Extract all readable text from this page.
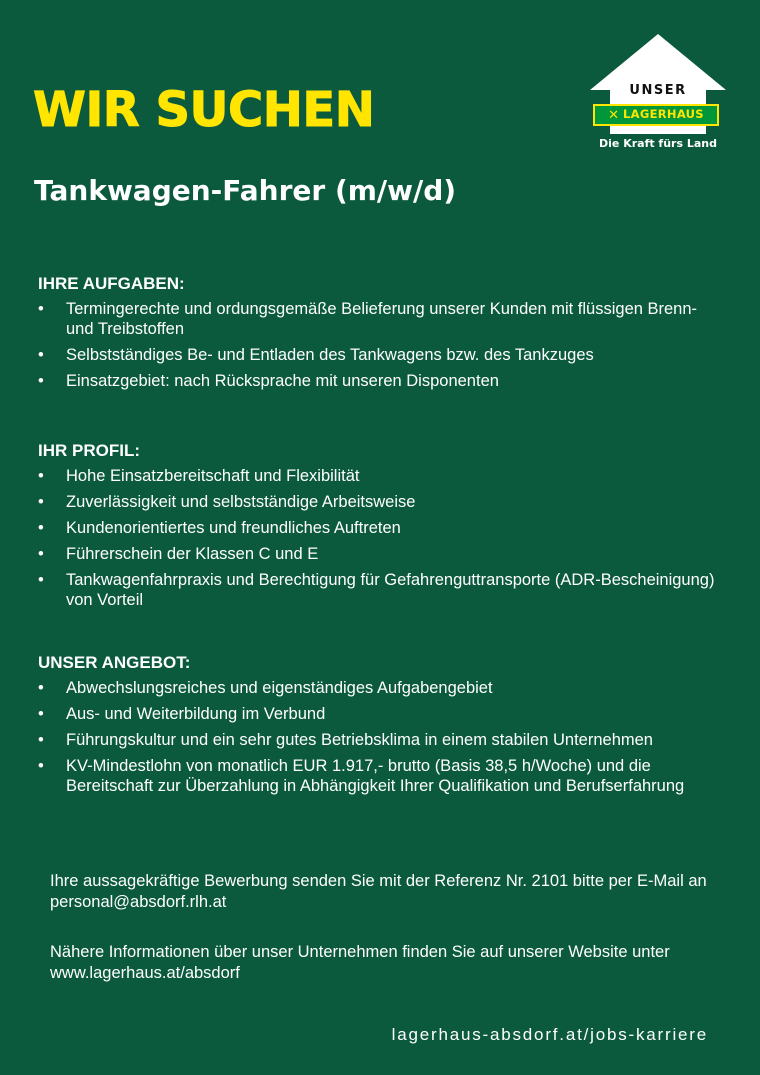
WIR SUCHEN
Tankwagen-Fahrer (m/w/d)
UNSER
✕ LAGERHAUS
Die Kraft fürs Land
IHRE AUFGABEN:
• Termingerechte und ordungsgemäße Belieferung unserer Kunden mit flüssigen Brenn- und Treibstoffen
• Selbstständiges Be- und Entladen des Tankwagens bzw. des Tankzuges
• Einsatzgebiet: nach Rücksprache mit unseren Disponenten
IHR PROFIL:
• Hohe Einsatzbereitschaft und Flexibilität
• Zuverlässigkeit und selbstständige Arbeitsweise
• Kundenorientiertes und freundliches Auftreten
• Führerschein der Klassen C und E
• Tankwagenfahrpraxis und Berechtigung für Gefahrenguttransporte (ADR-Bescheinigung) von Vorteil
UNSER ANGEBOT:
• Abwechslungsreiches und eigenständiges Aufgabengebiet
• Aus- und Weiterbildung im Verbund
• Führungskultur und ein sehr gutes Betriebsklima in einem stabilen Unternehmen
• KV-Mindestlohn von monatlich EUR 1.917,- brutto (Basis 38,5 h/Woche) und die Bereitschaft zur Überzahlung in Abhängigkeit Ihrer Qualifikation und Berufserfahrung

Ihre aussagekräftige Bewerbung senden Sie mit der Referenz Nr. 2101 bitte per E-Mail an personal@absdorf.rlh.at

Nähere Informationen über unser Unternehmen finden Sie auf unserer Website unter www.lagerhaus.at/absdorf

lagerhaus-absdorf.at/jobs-karriere
